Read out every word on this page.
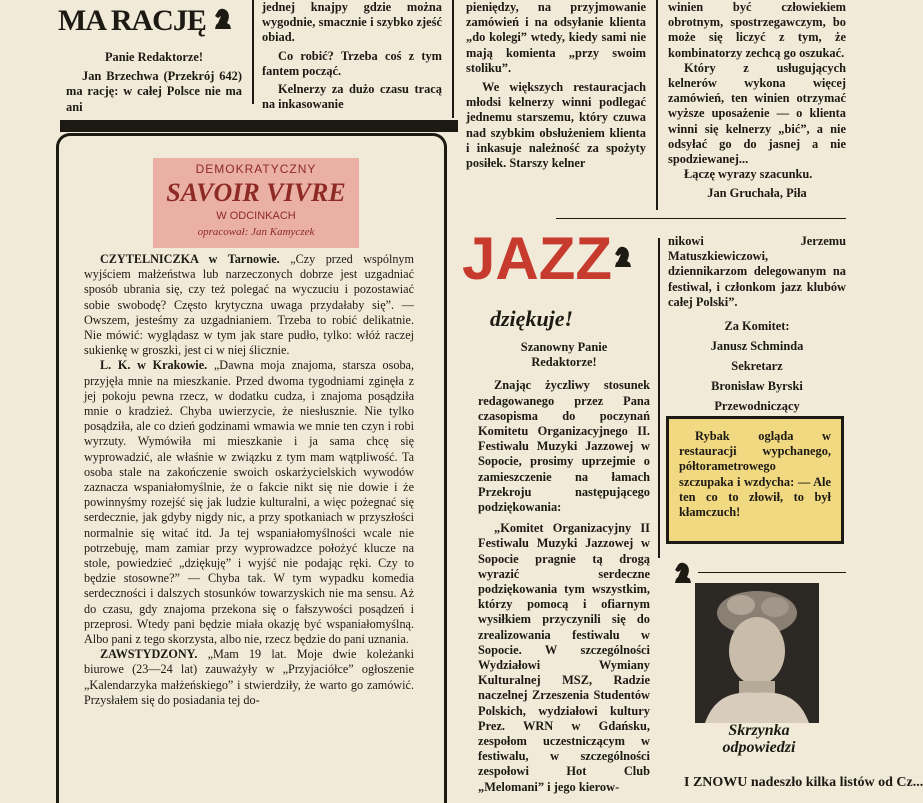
MA RACJĘ

Panie Redaktorze!

Jan Brzechwa (Przekrój 642) ma rację: w całej Polsce nie ma ani

jednej knajpy gdzie można wygodnie, smacznie i szybko zjeść obiad.

Co robić? Trzeba coś z tym fantem począć.

Kelnerzy za dużo czasu tracą na inkasowanie

pieniędzy, na przyjmowanie zamówień i na odsyłanie klienta „do kolegi” wtedy, kiedy sami nie mają komienta „przy swoim stoliku”.

We większych restauracjach młodsi kelnerzy winni podlegać jednemu starszemu, który czuwa nad szybkim obsłużeniem klienta i inkasuje należność za spożyty posiłek. Starszy kelner

winien być człowiekiem obrotnym, spostrzegawczym, bo może się liczyć z tym, że kombinatorzy zechcą go oszukać.

Który z usługujących kelnerów wykona więcej zamówień, ten winien otrzymać wyższe uposażenie — o klienta winni się kelnerzy „bić”, a nie odsyłać go do jasnej a nie spodziewanej...

Łączę wyrazy szacunku.

Jan Gruchała, Piła

DEMOKRATYCZNY
SAVOIR VIVRE
W ODCINKACH
opracował: Jan Kamyczek

CZYTELNICZKA w Tarnowie. „Czy przed wspólnym wyjściem małżeństwa lub narzeczonych dobrze jest uzgadniać sposób ubrania się, czy też polegać na wyczuciu i pozostawiać sobie swobodę? Często krytyczna uwaga przydałaby się”. — Owszem, jesteśmy za uzgadnianiem. Trzeba to robić delikatnie. Nie mówić: wyglądasz w tym jak stare pudło, tylko: włóż raczej sukienkę w groszki, jest ci w niej ślicznie.

L. K. w Krakowie. „Dawna moja znajoma, starsza osoba, przyjęła mnie na mieszkanie. Przed dwoma tygodniami zginęła z jej pokoju pewna rzecz, w dodatku cudza, i znajoma posądziła mnie o kradzież. Chyba uwierzycie, że niesłusznie. Nie tylko posądziła, ale co dzień godzinami wmawia we mnie ten czyn i robi wyrzuty. Wymówiła mi mieszkanie i ja sama chcę się wyprowadzić, ale właśnie w związku z tym mam wątpliwość. Ta osoba stale na zakończenie swoich oskarżycielskich wywodów zaznacza wspaniałomyślnie, że o fakcie nikt się nie dowie i że powinnyśmy rozejść się jak ludzie kulturalni, a więc pożegnać się serdecznie, jak gdyby nigdy nic, a przy spotkaniach w przyszłości normalnie się witać itd. Ja tej wspaniałomyślności wcale nie potrzebuję, mam zamiar przy wyprowadzce położyć klucze na stole, powiedzieć „dziękuję” i wyjść nie podając ręki. Czy to będzie stosowne?” — Chyba tak. W tym wypadku komedia serdeczności i dalszych stosunków towarzyskich nie ma sensu. Aż do czasu, gdy znajoma przekona się o fałszywości posądzeń i przeprosi. Wtedy pani będzie miała okazję być wspaniałomyślną. Albo pani z tego skorzysta, albo nie, rzecz będzie do pani uznania.

ZAWSTYDZONY. „Mam 19 lat. Moje dwie koleżanki biurowe (23—24 lat) zauważyły w „Przyjaciółce” ogłoszenie „Kalendarzyka małżeńskiego” i stwierdziły, że warto go zamówić. Przysłałem się do posiadania tej do-

JAZZ
dziękuje!

Szanowny Panie Redaktorze!

Znając życzliwy stosunek redagowanego przez Pana czasopisma do poczynań Komitetu Organizacyjnego II. Festiwalu Muzyki Jazzowej w Sopocie, prosimy uprzejmie o zamieszczenie na łamach Przekroju następującego podziękowania:

„Komitet Organizacyjny II Festiwalu Muzyki Jazzowej w Sopocie pragnie tą drogą wyrazić serdeczne podziękowania tym wszystkim, którzy pomocą i ofiarnym wysiłkiem przyczynili się do zrealizowania festiwalu w Sopocie. W szczególności Wydziałowi Wymiany Kulturalnej MSZ, Radzie naczelnej Zrzeszenia Studentów Polskich, wydziałowi kultury Prez. WRN w Gdańsku, zespołom uczestniczącym w festiwalu, w szczególności zespołowi Hot Club „Melomani” i jego kierow-

nikowi Jerzemu Matuszkiewiczowi, dziennikarzom delegowanym na festiwal, i członkom jazz klubów całej Polski”.

Za Komitet:
Janusz Schminda
Sekretarz
Bronisław Byrski
Przewodniczący

Rybak ogląda w restauracji wypchanego, półtorametrowego szczupaka i wzdycha: — Ale ten co to złowił, to był kłamczuch!

Skrzynka
odpowiedzi
I ZNOWU nadeszło kilka listów od Cz...
